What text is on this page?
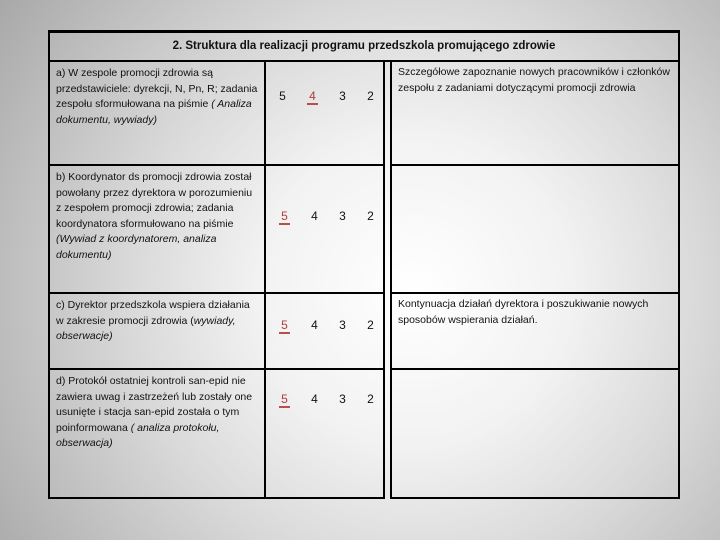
2. Struktura dla realizacji programu przedszkola promującego zdrowie
a) W zespole promocji zdrowia są przedstawiciele: dyrekcji, N, Pn, R; zadania zespołu sformułowana na piśmie ( Analiza dokumentu, wywiady)
5 4 3 2
Szczegółowe zapoznanie nowych pracowników i członków zespołu z zadaniami dotyczącymi promocji zdrowia
b) Koordynator ds promocji zdrowia został powołany przez dyrektora w porozumieniu z zespołem promocji zdrowia; zadania koordynatora sformułowano na piśmie (Wywiad z koordynatorem, analiza dokumentu)
5 4 3 2
c) Dyrektor przedszkola wspiera działania w zakresie promocji zdrowia (wywiady, obserwacje)
5 4 3 2
Kontynuacja działań dyrektora i poszukiwanie nowych sposobów wspierania działań.
d) Protokół ostatniej kontroli san-epid nie zawiera uwag i zastrzeżeń lub zostały one usunięte i stacja san-epid została o tym poinformowana ( analiza protokołu, obserwacja)
5 4 3 2
